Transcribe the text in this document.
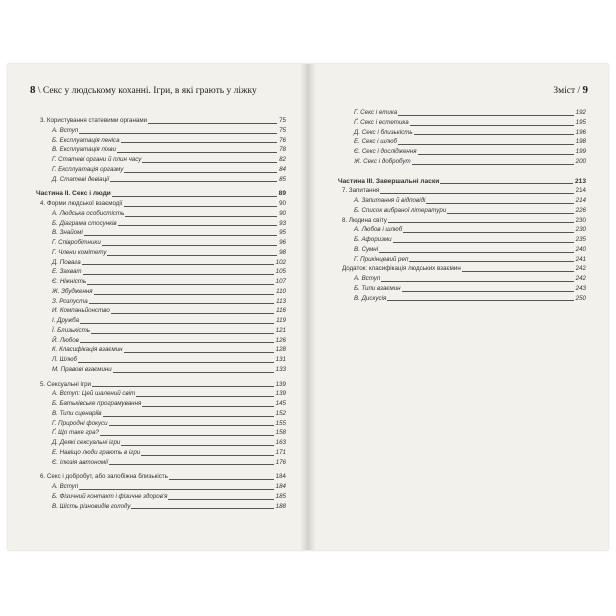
8 \ Секс у людському коханні. Ігри, в які грають у ліжку
3. Користування статевими органами	75
А. Вступ	75
Б. Експлуатація пеніса	76
В. Експлуатація піхви	78
Г. Статеві органи й плин часу	82
Г. Експлуатація оргазму	84
Д. Статеві девіації	85
Частина II. Секс і люди	89
4. Форми людської взаємодії	90
А. Людська особистість	90
Б. Діаграма стосунків	93
В. Знайомі	95
Г. Співробітники	96
Г. Члени комітету	98
Д. Повага	102
Е. Захват	105
Є. Ніжність	107
Ж. Збудження	110
З. Розпуста	113
И. Компаньйонство	116
І. Дружба	119
Ї. Близькість	121
Й. Любов	126
К. Класифікація взаємин	128
Л. Шлюб	131
М. Правові взаємини	133
5. Сексуальні ігри	139
А. Вступ: Цей шалений світ	139
Б. Батьківське програмування	145
В. Типи сценаріїв	152
Г. Природні фокуси	155
Ґ. Що таке гра?	158
Д. Деякі сексуальні ігри	163
Е. Навіщо люди грають в ігри	171
Є. Ілюзія автономії	176
6. Секс і добробут, або залобіжна близькість	184
А. Вступ	184
Б. Фізичний контакт і фізичне здоров'я	185
В. Шість різновидів голоду	188
Зміст / 9
Г. Секс і етика	192
Ґ. Секс і естетика	195
Д. Секс і близькість	196
Е. Секс і шлюб	198
Є. Секс і дослідження	199
Ж. Секс і добробут	200
Частина III. Завершальні ласки	213
7. Запитання	214
А. Запитання й відповіді	214
Б. Список вибраної літератури	226
8. Людина світу	230
А. Любов і шлюб	230
Б. Афоризми	235
В. Сумні	240
Г. Прикінцевий реп	241
Додаток: класифікація людських взаємин	242
А. Вступ	242
Б. Типи взаємин	243
В. Дискусія	250
